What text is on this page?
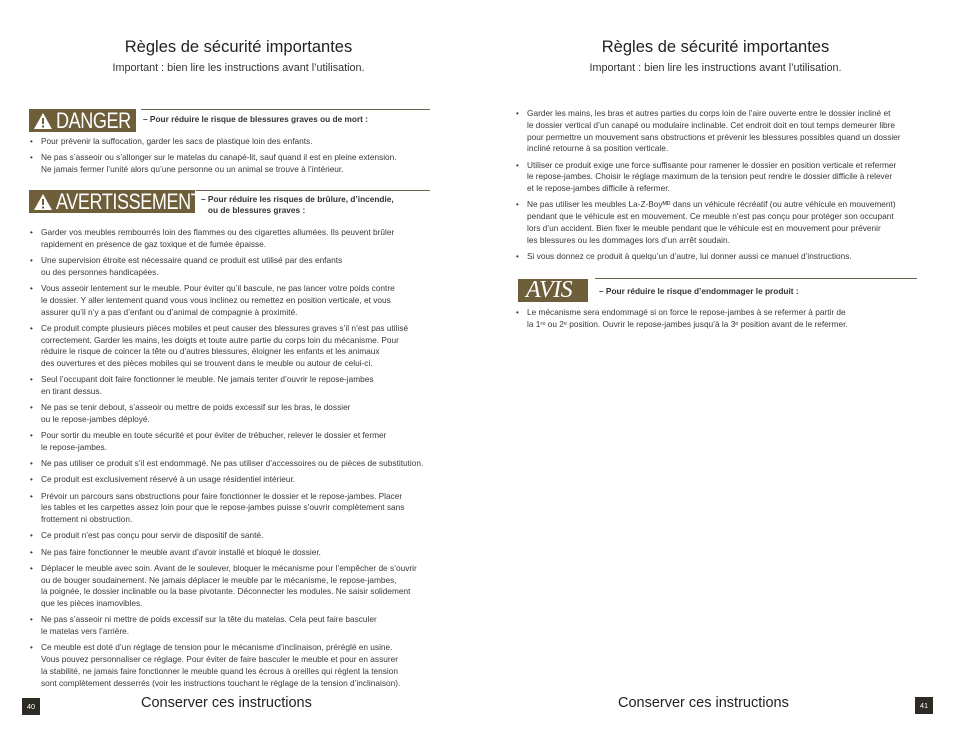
Règles de sécurité importantes
Important : bien lire les instructions avant l’utilisation.
DANGER – Pour réduire le risque de blessures graves ou de mort :
• Pour prévenir la suffocation, garder les sacs de plastique loin des enfants.
• Ne pas s’asseoir ou s’allonger sur le matelas du canapé-lit, sauf quand il est en pleine extension.
Ne jamais fermer l’unité alors qu’une personne ou un animal se trouve à l’intérieur.
AVERTISSEMENT – Pour réduire les risques de brûlure, d’incendie,
ou de blessures graves :
• Garder vos meubles rembourrés loin des flammes ou des cigarettes allumées. Ils peuvent brûler
rapidement en présence de gaz toxique et de fumée épaisse.
• Une supervision étroite est nécessaire quand ce produit est utilisé par des enfants
ou des personnes handicapées.
• Vous asseoir lentement sur le meuble. Pour éviter qu’il bascule, ne pas lancer votre poids contre
le dossier. Y aller lentement quand vous vous inclinez ou remettez en position verticale, et vous
assurer qu’il n’y a pas d’enfant ou d’animal de compagnie à proximité.
• Ce produit compte plusieurs pièces mobiles et peut causer des blessures graves s’il n’est pas utilisé
correctement. Garder les mains, les doigts et toute autre partie du corps loin du mécanisme. Pour
réduire le risque de coincer la tête ou d’autres blessures, éloigner les enfants et les animaux
des ouvertures et des pièces mobiles qui se trouvent dans le meuble ou autour de celui-ci.
• Seul l’occupant doit faire fonctionner le meuble. Ne jamais tenter d’ouvrir le repose-jambes
en tirant dessus.
• Ne pas se tenir debout, s’asseoir ou mettre de poids excessif sur les bras, le dossier
ou le repose-jambes déployé.
• Pour sortir du meuble en toute sécurité et pour éviter de trébucher, relever le dossier et fermer
le repose-jambes.
• Ne pas utiliser ce produit s’il est endommagé. Ne pas utiliser d’accessoires ou de pièces de substitution.
• Ce produit est exclusivement réservé à un usage résidentiel intérieur.
• Prévoir un parcours sans obstructions pour faire fonctionner le dossier et le repose-jambes. Placer
les tables et les carpettes assez loin pour que le repose-jambes puisse s’ouvrir complètement sans
frottement ni obstruction.
• Ce produit n’est pas conçu pour servir de dispositif de santé.
• Ne pas faire fonctionner le meuble avant d’avoir installé et bloqué le dossier.
• Déplacer le meuble avec soin. Avant de le soulever, bloquer le mécanisme pour l’empêcher de s’ouvrir
ou de bouger soudainement. Ne jamais déplacer le meuble par le mécanisme, le repose-jambes,
la poignée, le dossier inclinable ou la base pivotante. Déconnecter les modules. Ne saisir solidement
que les pièces inamovibles.
• Ne pas s’asseoir ni mettre de poids excessif sur la tête du matelas. Cela peut faire basculer
le matelas vers l’arrière.
• Ce meuble est doté d’un réglage de tension pour le mécanisme d’inclinaison, préréglé en usine.
Vous pouvez personnaliser ce réglage. Pour éviter de faire basculer le meuble et pour en assurer
la stabilité, ne jamais faire fonctionner le meuble quand les écrous à oreilles qui règlent la tension
sont complètement desserrés (voir les instructions touchant le réglage de la tension d’inclinaison).
40	Conserver ces instructions
Règles de sécurité importantes
Important : bien lire les instructions avant l’utilisation.
• Garder les mains, les bras et autres parties du corps loin de l’aire ouverte entre le dossier incliné et
le dossier vertical d’un canapé ou modulaire inclinable. Cet endroit doit en tout temps demeurer libre
pour permettre un mouvement sans obstructions et prévenir les blessures possibles quand un dossier
incliné retourne à sa position verticale.
• Utiliser ce produit exige une force suffisante pour ramener le dossier en position verticale et refermer
le repose-jambes. Choisir le réglage maximum de la tension peut rendre le dossier difficile à relever
et le repose-jambes difficile à refermer.
• Ne pas utiliser les meubles La-Z-Boyᴹᴰ dans un véhicule récréatif (ou autre véhicule en mouvement)
pendant que le véhicule est en mouvement. Ce meuble n’est pas conçu pour protéger son occupant
lors d’un accident. Bien fixer le meuble pendant que le véhicule est en mouvement pour prévenir
les blessures ou les dommages lors d’un arrêt soudain.
• Si vous donnez ce produit à quelqu’un d’autre, lui donner aussi ce manuel d’instructions.
AVIS	– Pour réduire le risque d’endommager le produit :
• Le mécanisme sera endommagé si on force le repose-jambes à se refermer à partir de
la 1ʳᵉ ou 2ᵉ position. Ouvrir le repose-jambes jusqu’à la 3ᵉ position avant de le refermer.
Conserver ces instructions	41
